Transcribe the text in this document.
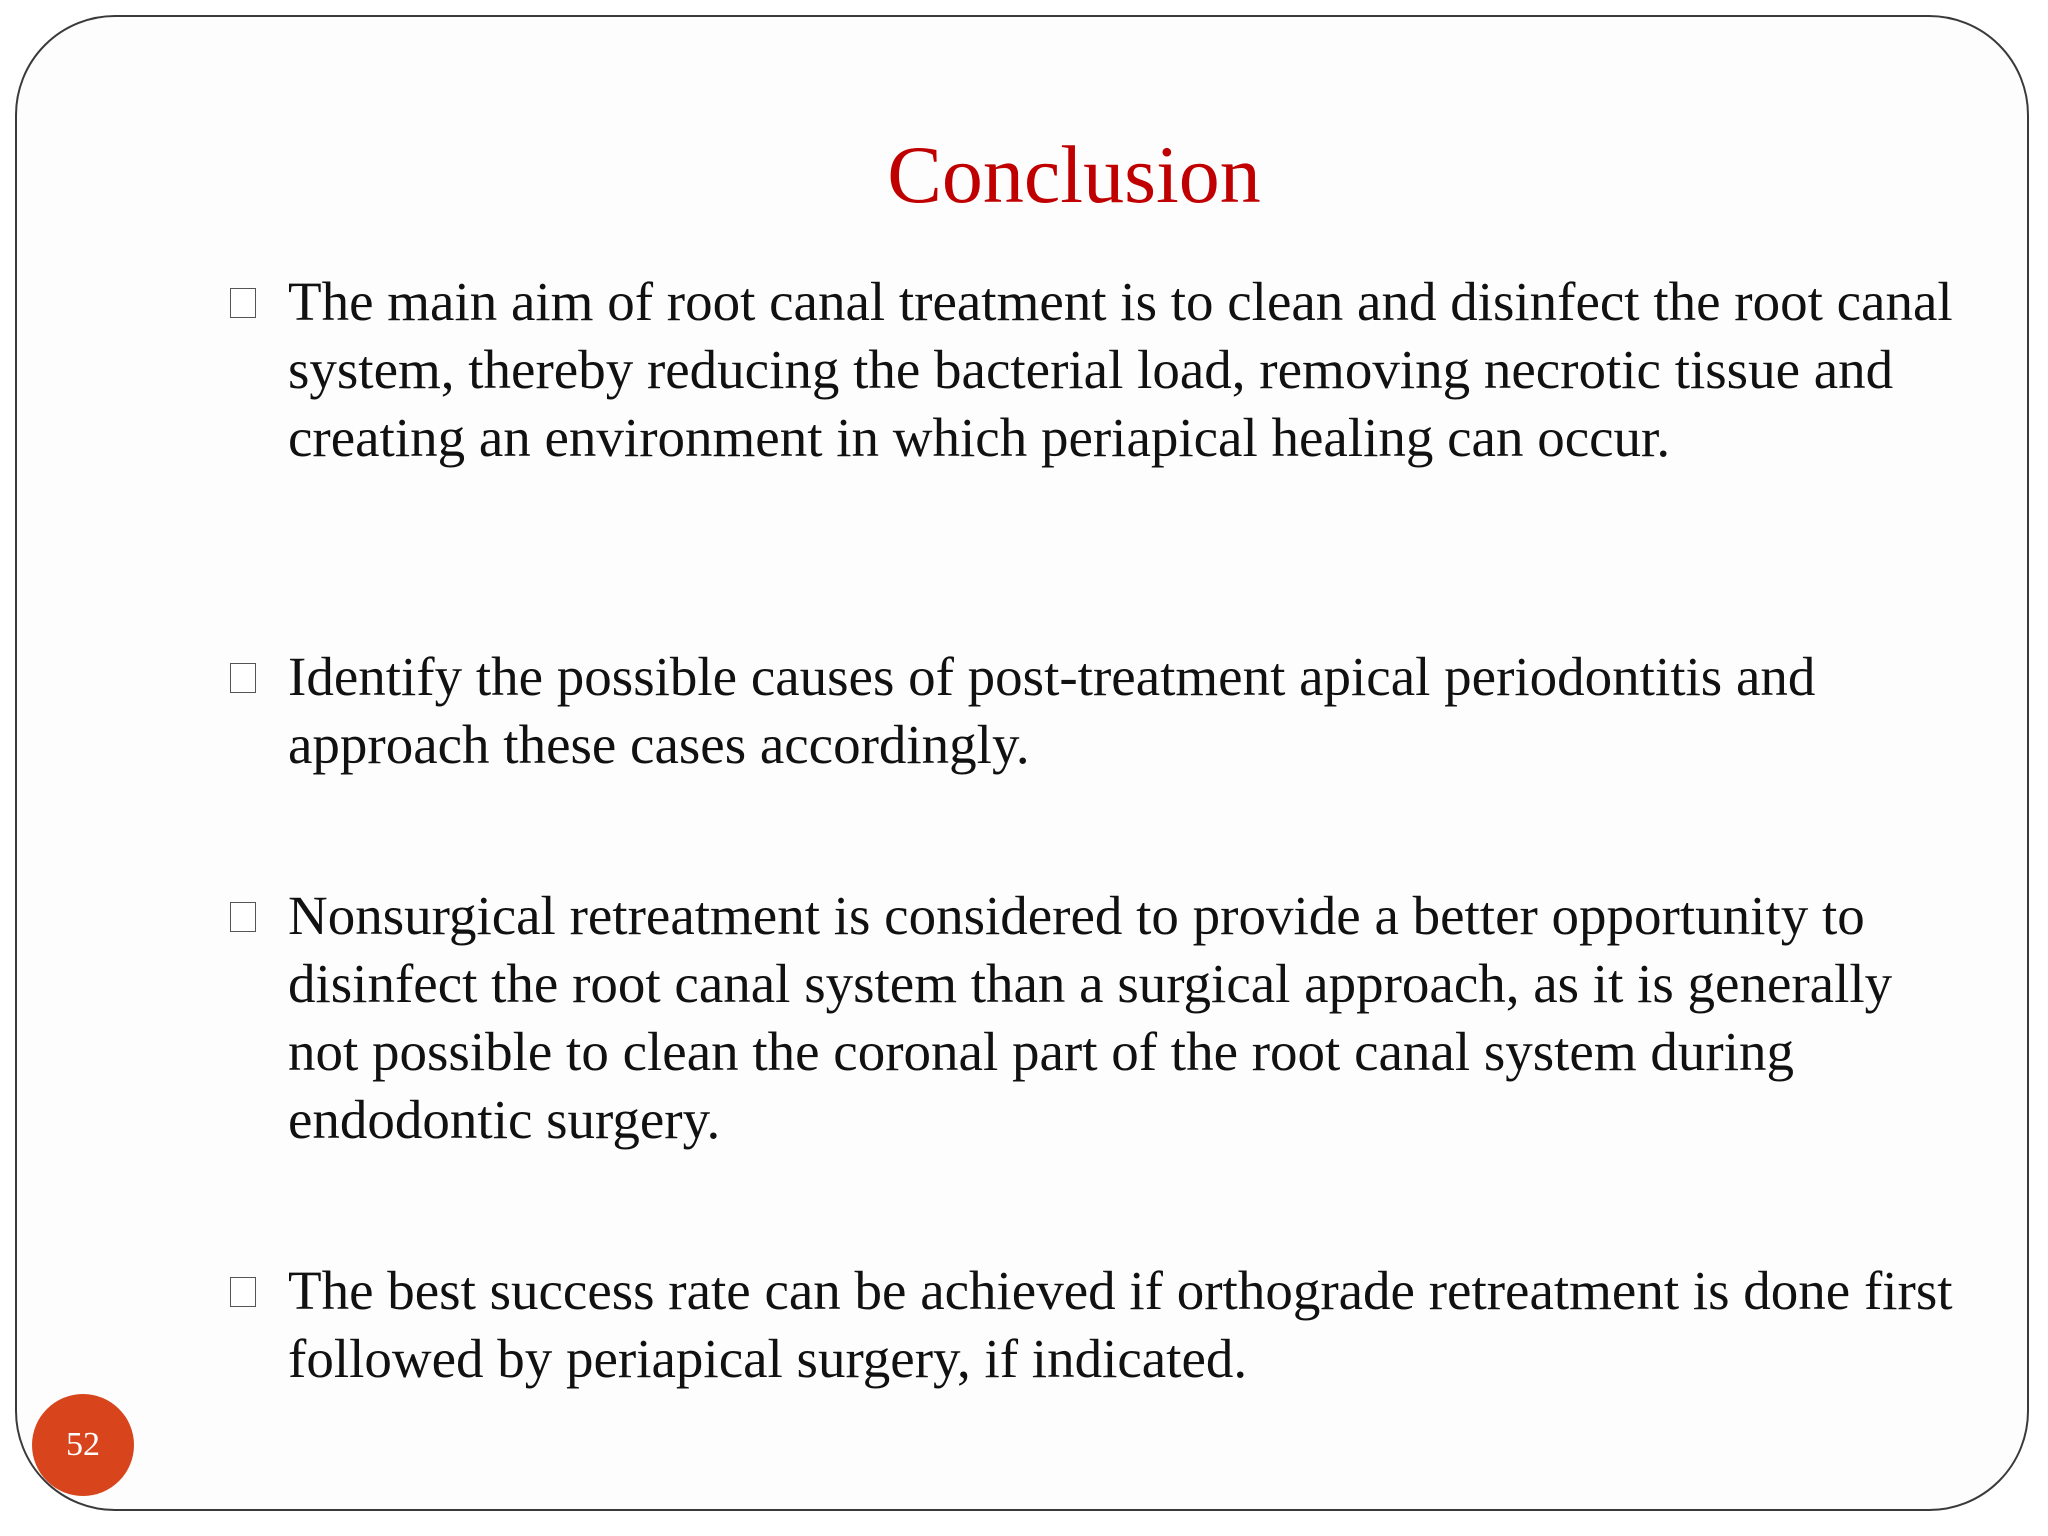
Conclusion
The main aim of root canal treatment is to clean and disinfect the root canal system, thereby reducing the bacterial load, removing necrotic tissue and creating an environment in which periapical healing can occur.
Identify the possible causes of post-treatment apical periodontitis and approach these cases accordingly.
Nonsurgical retreatment is considered to provide a better opportunity to disinfect the root canal system than a surgical approach, as it is generally not possible to clean the coronal part of the root canal system during endodontic surgery.
The best success rate can be achieved if orthograde retreatment is done first followed by periapical surgery, if indicated.
52
